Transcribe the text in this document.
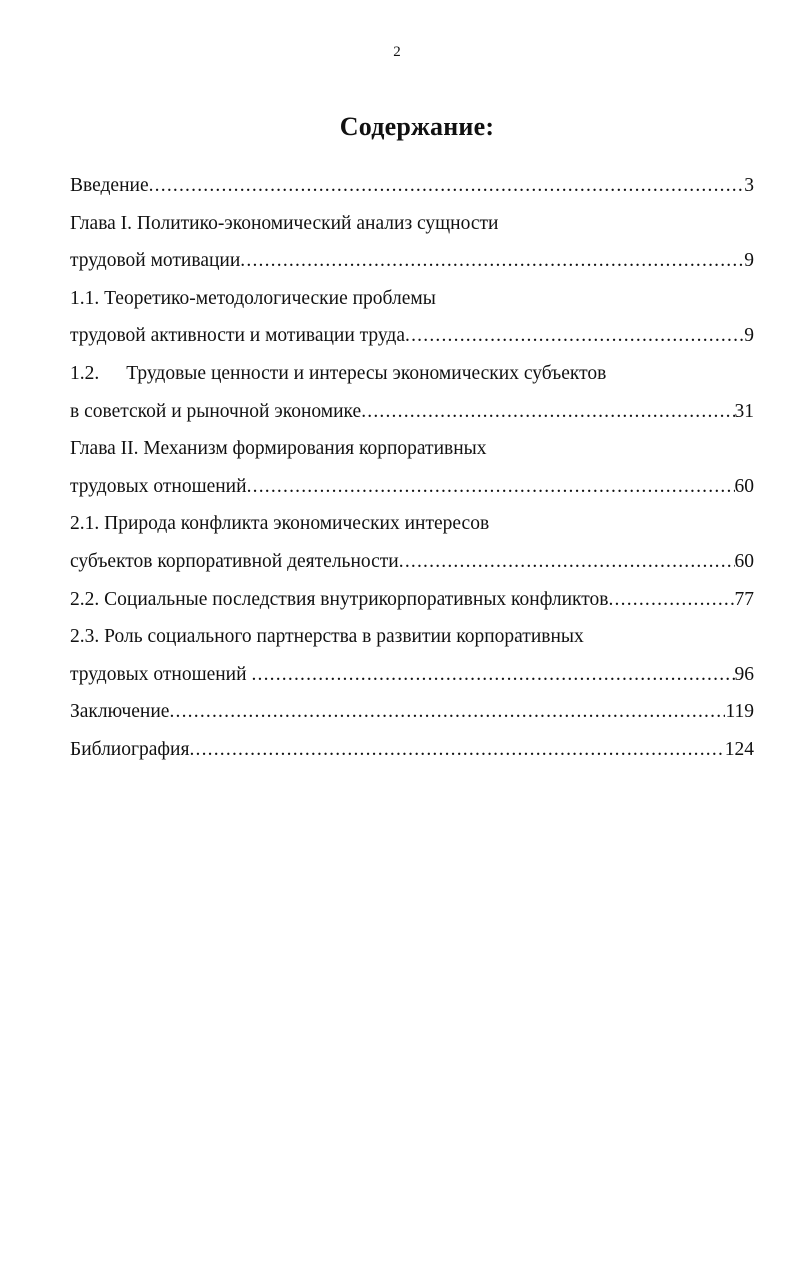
2
Содержание:
Введение .....	3
Глава I. Политико-экономический анализ сущности
трудовой мотивации .....	9
1.1. Теоретико-методологические проблемы
трудовой активности и мотивации труда .....	9
1.2. Трудовые ценности и интересы экономических субъектов
в советской и рыночной экономике .....	31
Глава II. Механизм формирования корпоративных
трудовых отношений .....	60
2.1. Природа конфликта экономических интересов
субъектов корпоративной деятельности .....	60
2.2. Социальные последствия внутрикорпоративных конфликтов .....	77
2.3. Роль социального партнерства в развитии корпоративных
трудовых отношений .....	96
Заключение .....	119
Библиография .....	124
